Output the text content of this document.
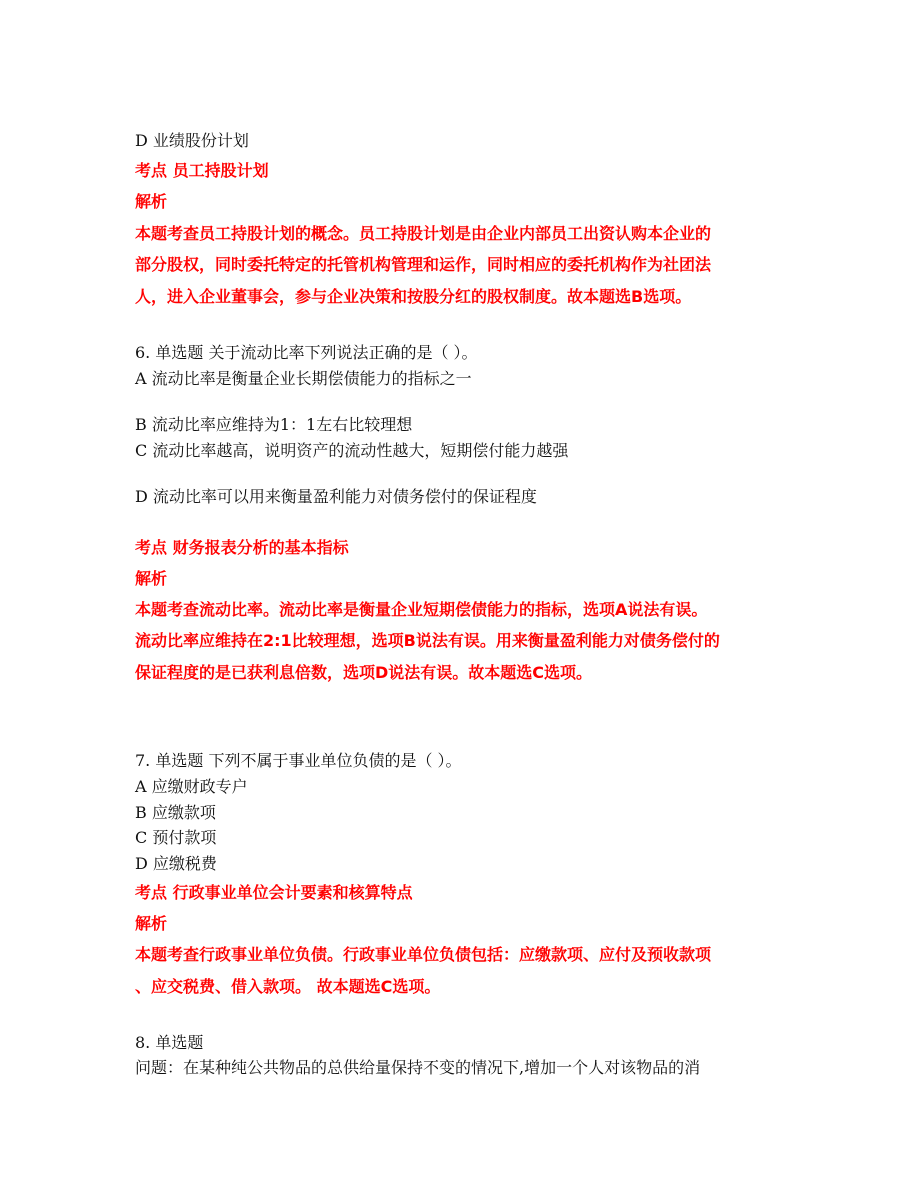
D 业绩股份计划
考点 员工持股计划
解析
本题考查员工持股计划的概念。员工持股计划是由企业内部员工出资认购本企业的
部分股权，同时委托特定的托管机构管理和运作，同时相应的委托机构作为社团法
人，进入企业董事会，参与企业决策和按股分红的股权制度。故本题选B选项。
6. 单选题 关于流动比率下列说法正确的是（ ）。
A 流动比率是衡量企业长期偿债能力的指标之一
B 流动比率应维持为1：1左右比较理想
C 流动比率越高，说明资产的流动性越大，短期偿付能力越强
D 流动比率可以用来衡量盈利能力对债务偿付的保证程度
考点 财务报表分析的基本指标
解析
本题考查流动比率。流动比率是衡量企业短期偿债能力的指标，选项A说法有误。
流动比率应维持在2:1比较理想，选项B说法有误。用来衡量盈利能力对债务偿付的
保证程度的是已获利息倍数，选项D说法有误。故本题选C选项。
7. 单选题 下列不属于事业单位负债的是（ ）。
A 应缴财政专户
B 应缴款项
C 预付款项
D 应缴税费
考点 行政事业单位会计要素和核算特点
解析
本题考查行政事业单位负债。行政事业单位负债包括：应缴款项、应付及预收款项
、应交税费、借入款项。 故本题选C选项。
8. 单选题
问题：在某种纯公共物品的总供给量保持不变的情况下,增加一个人对该物品的消
